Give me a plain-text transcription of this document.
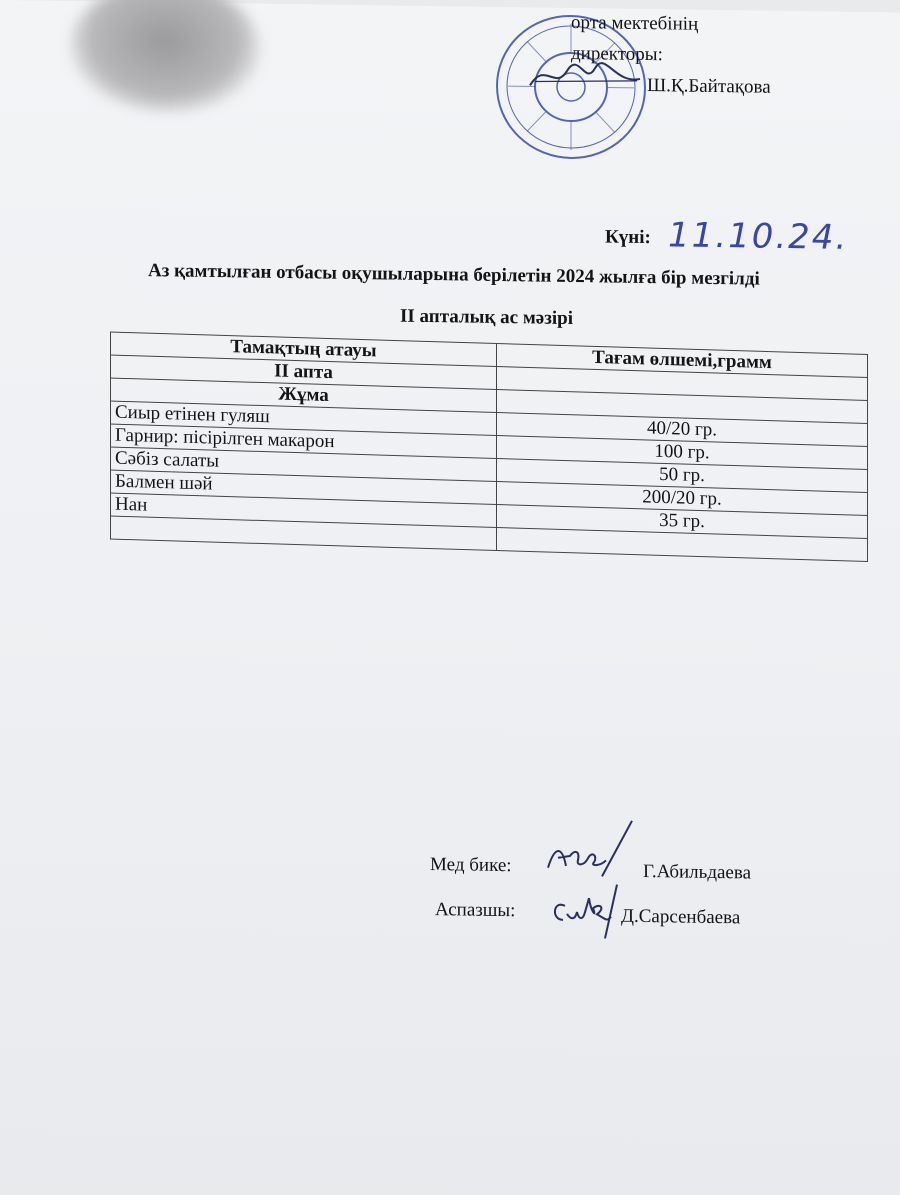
орта мектебінің
директоры:
Ш.Қ.Байтақова
Күні: 11.10.24.
Аз қамтылған отбасы оқушыларына берілетін 2024 жылға бір мезгілді
II апталық ас мәзірі
Тамақтың атауы	Тағам өлшемі,грамм
II апта	
Жұма	
Сиыр етінен гуляш	40/20 гр.
Гарнир: пісірілген макарон	100 гр.
Сәбіз салаты	50 гр.
Балмен шәй	200/20 гр.
Нан	35 гр.

Мед бике:	Г.Абильдаева
Аспазшы:	Д.Сарсенбаева
